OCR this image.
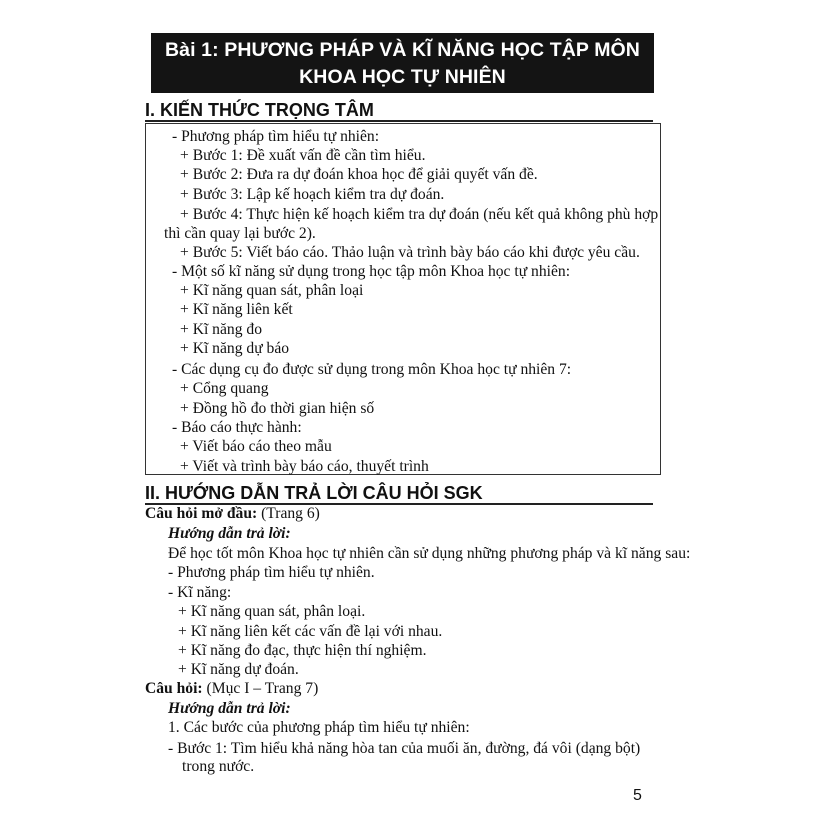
Bài 1: PHƯƠNG PHÁP VÀ KĨ NĂNG HỌC TẬP MÔN
KHOA HỌC TỰ NHIÊN
I. KIẾN THỨC TRỌNG TÂM
- Phương pháp tìm hiểu tự nhiên:
+ Bước 1: Đề xuất vấn đề cần tìm hiểu.
+ Bước 2: Đưa ra dự đoán khoa học để giải quyết vấn đề.
+ Bước 3: Lập kế hoạch kiểm tra dự đoán.
+ Bước 4: Thực hiện kế hoạch kiểm tra dự đoán (nếu kết quả không phù hợp
thì cần quay lại bước 2).
+ Bước 5: Viết báo cáo. Thảo luận và trình bày báo cáo khi được yêu cầu.
- Một số kĩ năng sử dụng trong học tập môn Khoa học tự nhiên:
+ Kĩ năng quan sát, phân loại
+ Kĩ năng liên kết
+ Kĩ năng đo
+ Kĩ năng dự báo
- Các dụng cụ đo được sử dụng trong môn Khoa học tự nhiên 7:
+ Cổng quang
+ Đồng hồ đo thời gian hiện số
- Báo cáo thực hành:
+ Viết báo cáo theo mẫu
+ Viết và trình bày báo cáo, thuyết trình
II. HƯỚNG DẪN TRẢ LỜI CÂU HỎI SGK
Câu hỏi mở đầu: (Trang 6)
Hướng dẫn trả lời:
Để học tốt môn Khoa học tự nhiên cần sử dụng những phương pháp và kĩ năng sau:
- Phương pháp tìm hiểu tự nhiên.
- Kĩ năng:
+ Kĩ năng quan sát, phân loại.
+ Kĩ năng liên kết các vấn đề lại với nhau.
+ Kĩ năng đo đạc, thực hiện thí nghiệm.
+ Kĩ năng dự đoán.
Câu hỏi: (Mục I – Trang 7)
Hướng dẫn trả lời:
1. Các bước của phương pháp tìm hiểu tự nhiên:
- Bước 1: Tìm hiểu khả năng hòa tan của muối ăn, đường, đá vôi (dạng bột)
trong nước.
5
